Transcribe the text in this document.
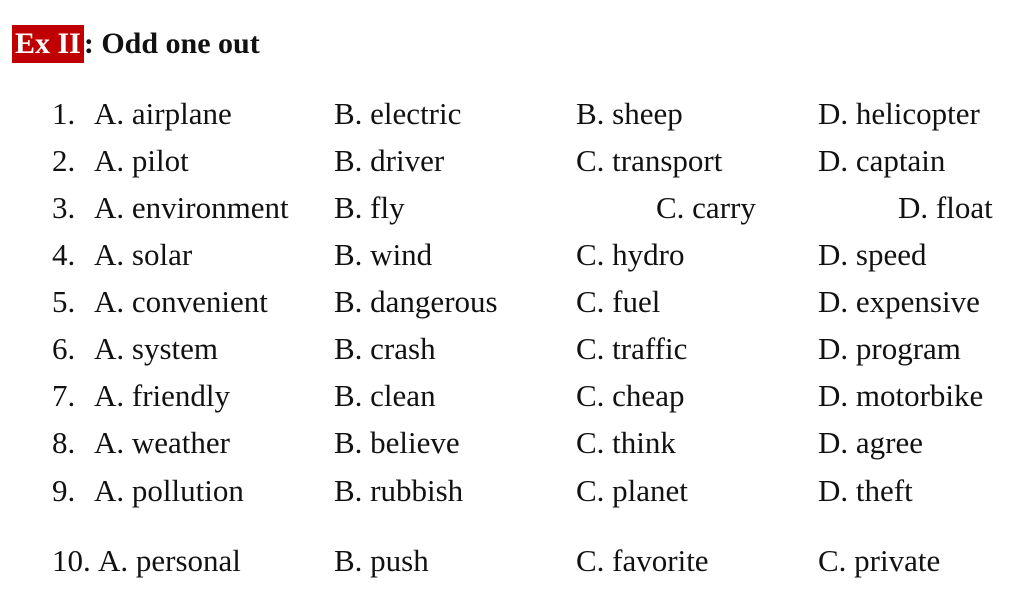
Ex II : Odd one out
1. A. airplane	B. electric	B. sheep	D. helicopter
2. A. pilot	B. driver	C. transport	D. captain
3. A. environment B. fly	C. carry	D. float
4. A. solar	B. wind	C. hydro	D. speed
5. A. convenient B. dangerous	C. fuel	D. expensive
6. A. system	B. crash	C. traffic	D. program
7. A. friendly	B. clean	C. cheap	D. motorbike
8. A. weather	B. believe	C. think	D. agree
9. A. pollution	B. rubbish	C. planet	D. theft
10. A. personal	B. push	C. favorite	C. private
